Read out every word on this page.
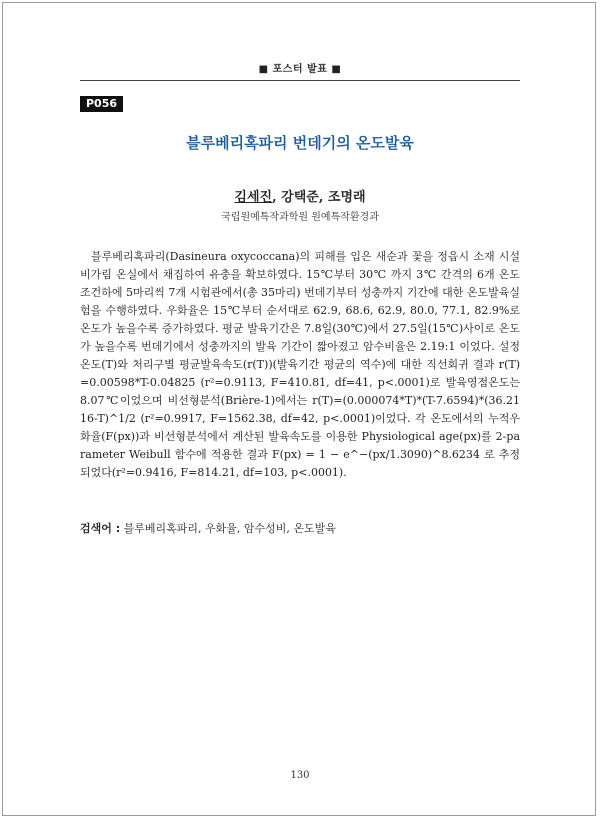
■ 포스터 발표 ■
P056
블루베리혹파리 번데기의 온도발육
김세진, 강택준, 조명래
국립원예특작과학원 원예특작환경과
블루베리혹파리(Dasineura oxycoccana)의 피해를 입은 새순과 꽃을 정읍시 소재 시설 비가림 온실에서 채집하여 유충을 확보하였다. 15℃부터 30℃ 까지 3℃ 간격의 6개 온도 조건하에 5마리씩 7개 시험관에서(총 35마리) 번데기부터 성충까지 기간에 대한 온도발육실험을 수행하였다. 우화율은 15℃부터 순서대로 62.9, 68.6, 62.9, 80.0, 77.1, 82.9%로 온도가 높을수록 증가하였다. 평균 발육기간은 7.8일(30℃)에서 27.5일(15℃)사이로 온도가 높을수록 번데기에서 성충까지의 발육 기간이 짧아졌고 암수비율은 2.19:1 이었다. 설정온도(T)와 처리구별 평균발육속도(r(T))(발육기간 평균의 역수)에 대한 직선회귀 결과 r(T)=0.00598*T-0.04825 (r²=0.9113, F=410.81, df=41, p<.0001)로 발육영점온도는 8.07℃이었으며 비선형분석(Brière-1)에서는 r(T)=(0.000074*T)*(T-7.6594)*(36.2116-T)^1/2 (r²=0.9917, F=1562.38, df=42, p<.0001)이었다. 각 온도에서의 누적우화율(F(px))과 비선형분석에서 계산된 발육속도를 이용한 Physiological age(px)를 2-parameter Weibull 함수에 적용한 결과 F(px) = 1 − e^−(px/1.3090)^8.6234 로 추정되었다(r²=0.9416, F=814.21, df=103, p<.0001).
검색어 : 블루베리혹파리, 우화율, 암수성비, 온도발육
130
